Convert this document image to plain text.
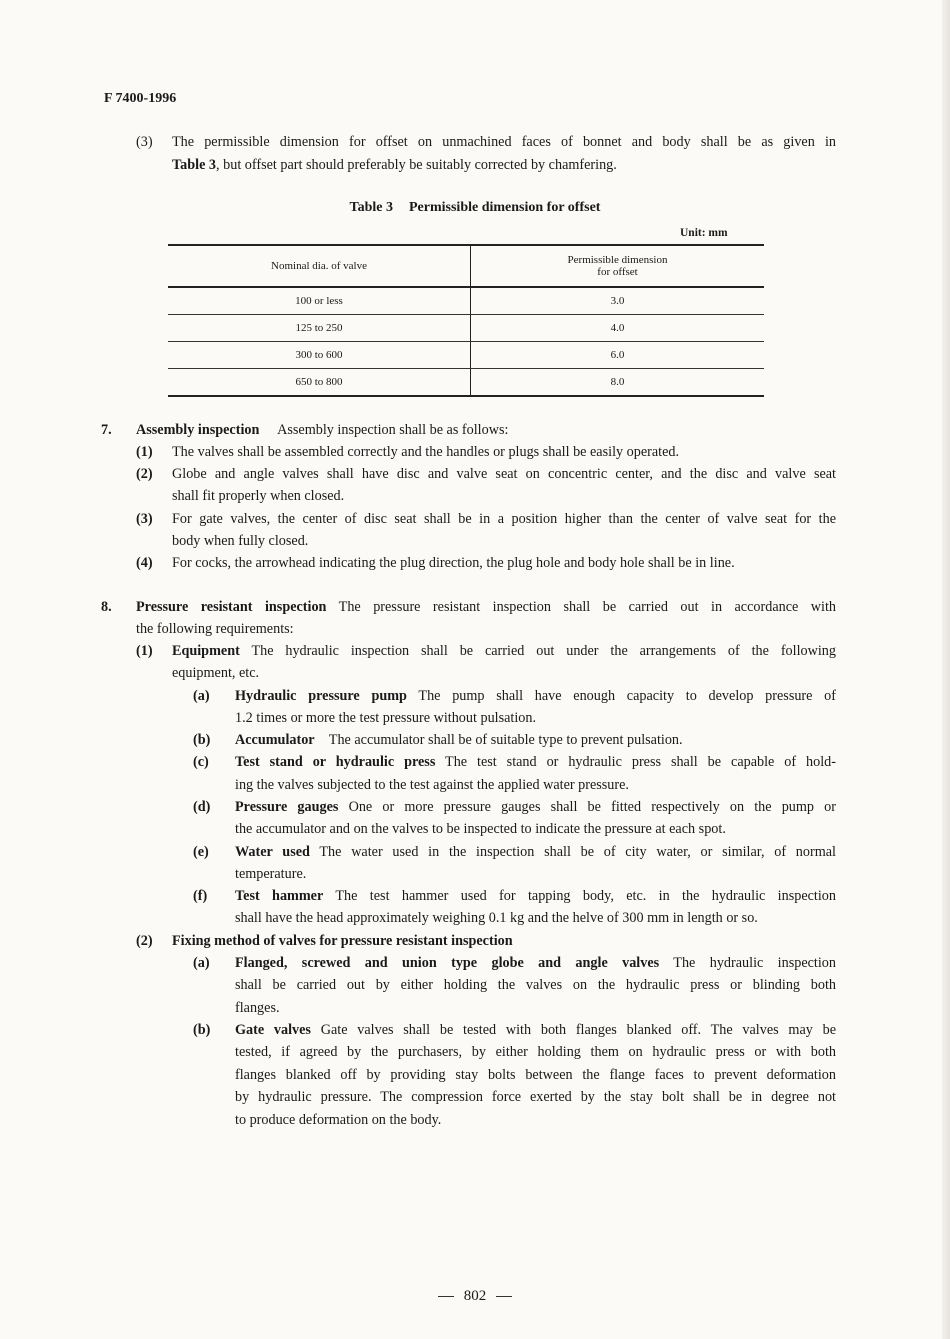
F 7400-1996
(3) The permissible dimension for offset on unmachined faces of bonnet and body shall be as given in
Table 3, but offset part should preferably be suitably corrected by chamfering.
Table 3 Permissible dimension for offset
Unit: mm
Nominal dia. of valve	Permissible dimension
for offset
100 or less	3.0
125 to 250	4.0
300 to 600	6.0
650 to 800	8.0
7. Assembly inspection Assembly inspection shall be as follows:
(1) The valves shall be assembled correctly and the handles or plugs shall be easily operated.
(2) Globe and angle valves shall have disc and valve seat on concentric center, and the disc and valve seat
shall fit properly when closed.
(3) For gate valves, the center of disc seat shall be in a position higher than the center of valve seat for the
body when fully closed.
(4) For cocks, the arrowhead indicating the plug direction, the plug hole and body hole shall be in line.
8. Pressure resistant inspection The pressure resistant inspection shall be carried out in accordance with
the following requirements:
(1) Equipment The hydraulic inspection shall be carried out under the arrangements of the following
equipment, etc.
(a) Hydraulic pressure pump The pump shall have enough capacity to develop pressure of
1.2 times or more the test pressure without pulsation.
(b) Accumulator The accumulator shall be of suitable type to prevent pulsation.
(c) Test stand or hydraulic press The test stand or hydraulic press shall be capable of hold-
ing the valves subjected to the test against the applied water pressure.
(d) Pressure gauges One or more pressure gauges shall be fitted respectively on the pump or
the accumulator and on the valves to be inspected to indicate the pressure at each spot.
(e) Water used The water used in the inspection shall be of city water, or similar, of normal
temperature.
(f) Test hammer The test hammer used for tapping body, etc. in the hydraulic inspection
shall have the head approximately weighing 0.1 kg and the helve of 300 mm in length or so.
(2) Fixing method of valves for pressure resistant inspection
(a) Flanged, screwed and union type globe and angle valves The hydraulic inspection
shall be carried out by either holding the valves on the hydraulic press or blinding both
flanges.
(b) Gate valves Gate valves shall be tested with both flanges blanked off. The valves may be
tested, if agreed by the purchasers, by either holding them on hydraulic press or with both
flanges blanked off by providing stay bolts between the flange faces to prevent deformation
by hydraulic pressure. The compression force exerted by the stay bolt shall be in degree not
to produce deformation on the body.
802
